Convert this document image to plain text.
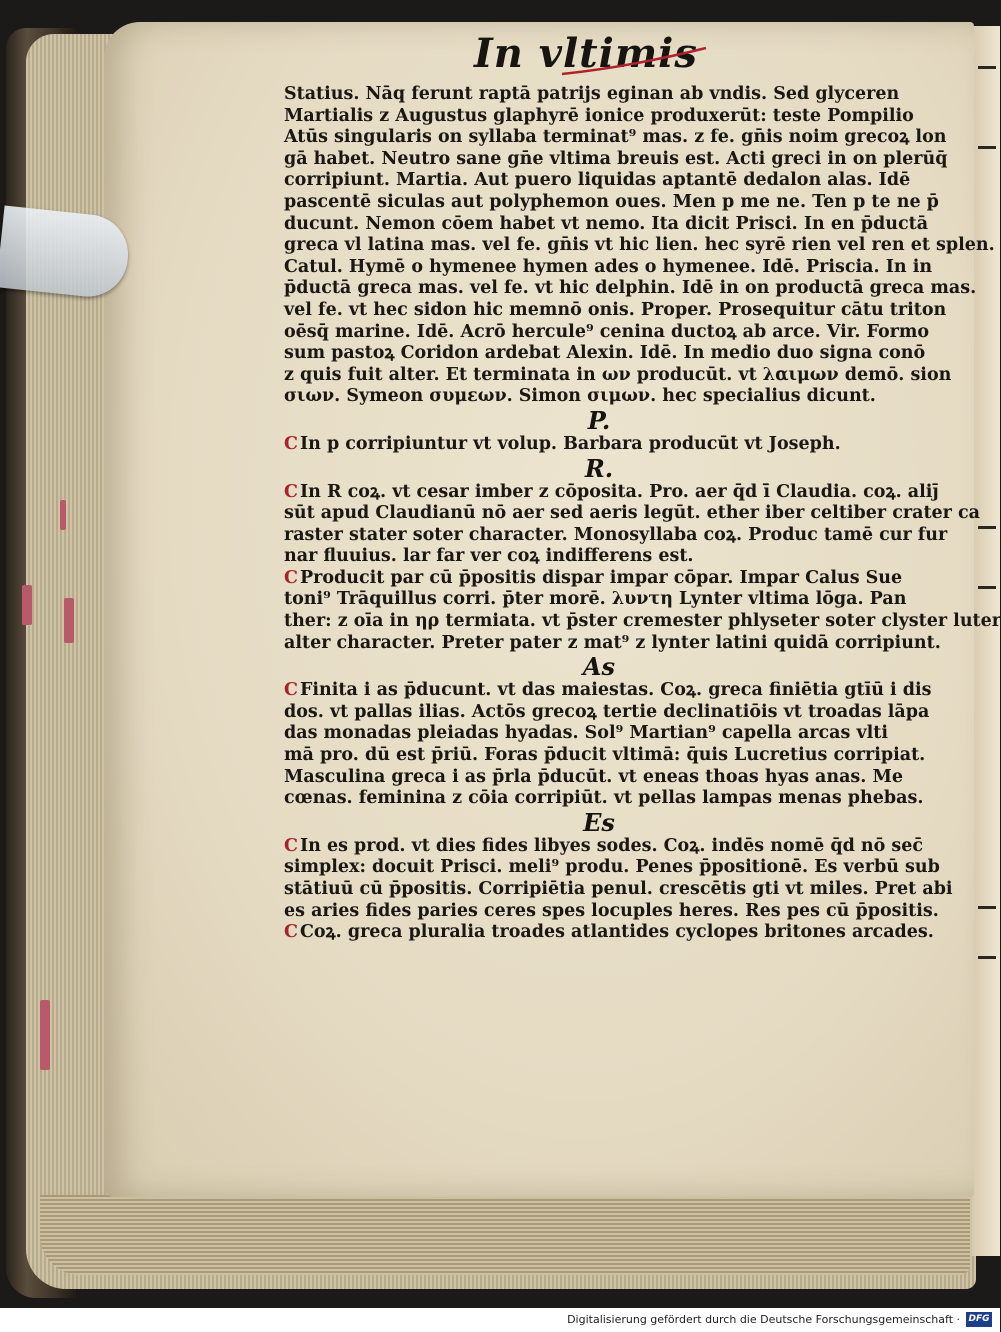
In vltimis
Statius. Nāq ferunt raptā patrijs eginan ab vndis. Sed glyceren
Martialis z Augustus glaphyrē ionice produxerūt: teste Pompilio
Atūs singularis on syllaba terminat⁹ mas. z fe. gn̄is noim grecoꝝ lon
gā habet. Neutro sane gn̄e vltima breuis est. Acti greci in on plerūq̄
corripiunt. Martia. Aut puero liquidas aptantē dedalon alas. Idē
pascentē siculas aut polyphemon oues. Men p me ne. Ten p te ne p̄
ducunt. Nemon cōem habet vt nemo. Ita dicit Prisci. In en p̄ductā
greca vl latina mas. vel fe. gn̄is vt hic lien. hec syrē rien vel ren et splen.
Catul. Hymē o hymenee hymen ades o hymenee. Idē. Priscia. In in
p̄ductā greca mas. vel fe. vt hic delphin. Idē in on productā greca mas.
vel fe. vt hec sidon hic memnō onis. Proper. Prosequitur cātu triton
oēsq̄ marine. Idē. Acrō hercule⁹ cenina ductoꝝ ab arce. Vir. Formo
sum pastoꝝ Coridon ardebat Alexin. Idē. In medio duo signa conō
z quis fuit alter. Et terminata in ων producūt. vt λαιμων demō. sion
σιων. Symeon συμεων. Simon σιμων. hec specialius dicunt.
P.
C In p corripiuntur vt volup. Barbara producūt vt Joseph.
R.
C In R coꝝ. vt cesar imber z cōposita. Pro. aer q̄d ī̄ Claudia. coꝝ. aliȷ̄
sūt apud Claudianū nō aer sed aeris legūt. ether iber celtiber crater ca
raster stater soter character. Monosyllaba coꝝ. Produc tamē cur fur
nar fluuius. lar far ver coꝝ indifferens est.
C Producit par cū p̄positis dispar impar cōpar. Impar Calus Sue
toni⁹ Trāquillus corri. p̄ter morē. λυντη Lynter vltima lōga. Pan
ther: z oīa in ηρ termiata. vt p̄ster cremester phlyseter soter clyster luter
alter character. Preter pater z mat⁹ z lynter latini quidā corripiunt.
As
C Finita i as p̄ducunt. vt das maiestas. Coꝝ. greca finiētia gtīū i dis
dos. vt pallas ilias. Actōs grecoꝝ tertie declinatiōis vt troadas lāpa
das monadas pleiadas hyadas. Sol⁹ Martian⁹ capella arcas vlti
mā pro. dū est p̄riū. Foras p̄ducit vltimā: q̄uis Lucretius corripiat.
Masculina greca i as p̄rla p̄ducūt. vt eneas thoas hyas anas. Me
cœnas. feminina z cōia corripiūt. vt pellas lampas menas phebas.
Es
C In es prod. vt dies fides libyes sodes. Coꝝ. indēs nomē q̄d nō sec̄
simplex: docuit Prisci. meli⁹ produ. Penes p̄positionē. Es verbū sub
stātiuū cū p̄positis. Corripiētia penul. crescētis gti vt miles. Pret abi
es aries fides paries ceres spes locuples heres. Res pes cū p̄positis.
C Coꝝ. greca pluralia troades atlantides cyclopes britones arcades.
Digitalisierung gefördert durch die Deutsche Forschungsgemeinschaft · DFG
